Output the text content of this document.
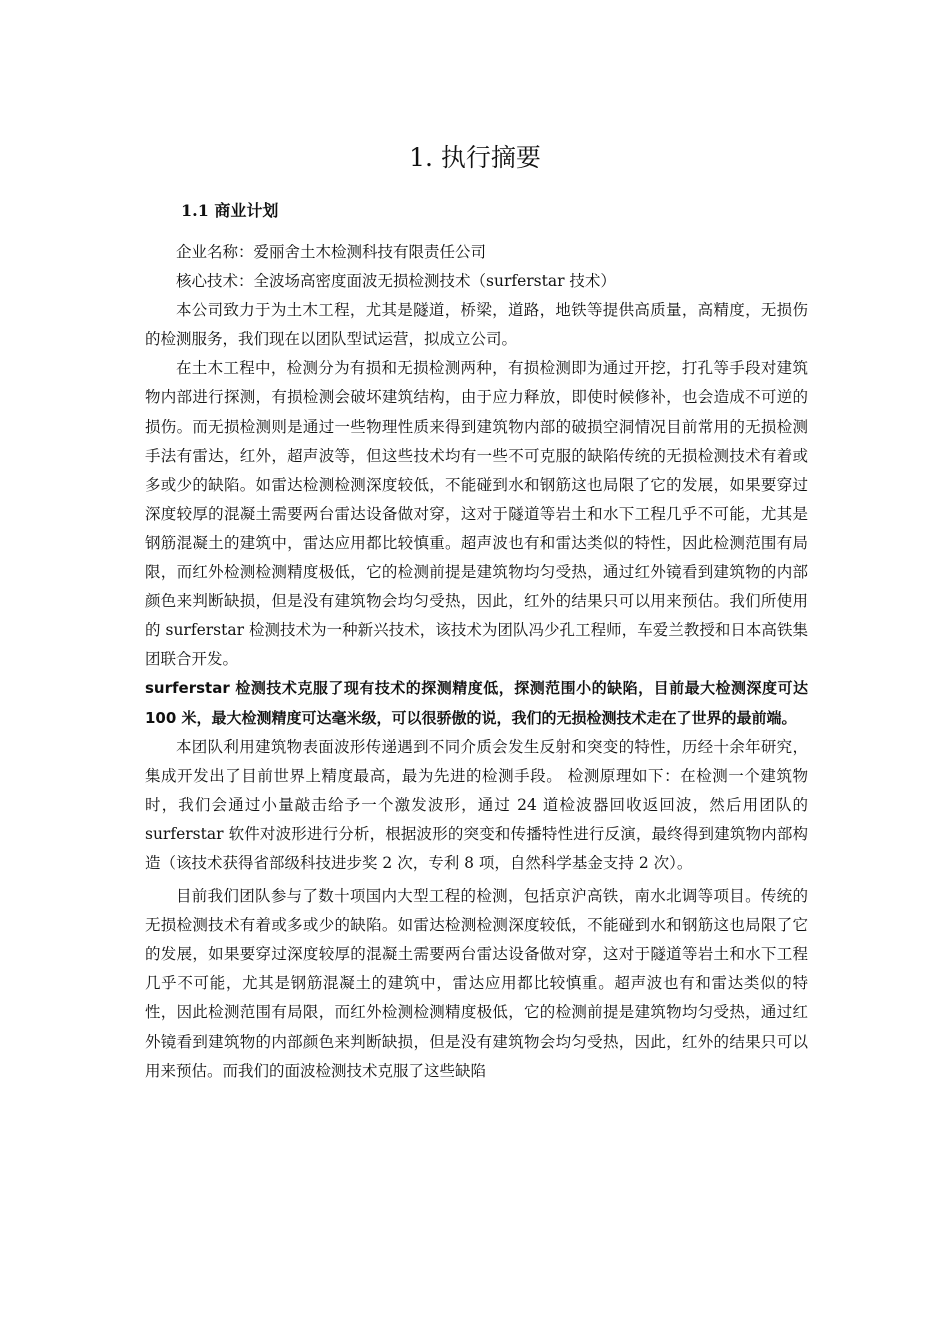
1. 执行摘要
1.1 商业计划

企业名称：爱丽舍土木检测科技有限责任公司

核心技术：全波场高密度面波无损检测技术（surferstar 技术）

本公司致力于为土木工程，尤其是隧道，桥梁，道路，地铁等提供高质量，高精度，无损伤的检测服务，我们现在以团队型试运营，拟成立公司。

在土木工程中，检测分为有损和无损检测两种，有损检测即为通过开挖，打孔等手段对建筑物内部进行探测，有损检测会破坏建筑结构，由于应力释放，即使时候修补，也会造成不可逆的损伤。而无损检测则是通过一些物理性质来得到建筑物内部的破损空洞情况目前常用的无损检测手法有雷达，红外，超声波等，但这些技术均有一些不可克服的缺陷传统的无损检测技术有着或多或少的缺陷。如雷达检测检测深度较低，不能碰到水和钢筋这也局限了它的发展，如果要穿过深度较厚的混凝土需要两台雷达设备做对穿，这对于隧道等岩土和水下工程几乎不可能，尤其是钢筋混凝土的建筑中，雷达应用都比较慎重。超声波也有和雷达类似的特性，因此检测范围有局限，而红外检测检测精度极低，它的检测前提是建筑物均匀受热，通过红外镜看到建筑物的内部颜色来判断缺损，但是没有建筑物会均匀受热，因此，红外的结果只可以用来预估。我们所使用的 surferstar 检测技术为一种新兴技术，该技术为团队冯少孔工程师，车爱兰教授和日本高铁集团联合开发。

surferstar 检测技术克服了现有技术的探测精度低，探测范围小的缺陷，目前最大检测深度可达 100 米，最大检测精度可达毫米级，可以很骄傲的说，我们的无损检测技术走在了世界的最前端。

本团队利用建筑物表面波形传递遇到不同介质会发生反射和突变的特性，历经十余年研究，集成开发出了目前世界上精度最高，最为先进的检测手段。 检测原理如下：在检测一个建筑物时，我们会通过小量敲击给予一个激发波形，通过 24 道检波器回收返回波，然后用团队的 surferstar 软件对波形进行分析，根据波形的突变和传播特性进行反演，最终得到建筑物内部构造（该技术获得省部级科技进步奖 2 次，专利 8 项，自然科学基金支持 2 次）。

目前我们团队参与了数十项国内大型工程的检测，包括京沪高铁，南水北调等项目。传统的无损检测技术有着或多或少的缺陷。如雷达检测检测深度较低，不能碰到水和钢筋这也局限了它的发展，如果要穿过深度较厚的混凝土需要两台雷达设备做对穿，这对于隧道等岩土和水下工程几乎不可能，尤其是钢筋混凝土的建筑中，雷达应用都比较慎重。超声波也有和雷达类似的特性，因此检测范围有局限，而红外检测检测精度极低，它的检测前提是建筑物均匀受热，通过红外镜看到建筑物的内部颜色来判断缺损，但是没有建筑物会均匀受热，因此，红外的结果只可以用来预估。而我们的面波检测技术克服了这些缺陷
